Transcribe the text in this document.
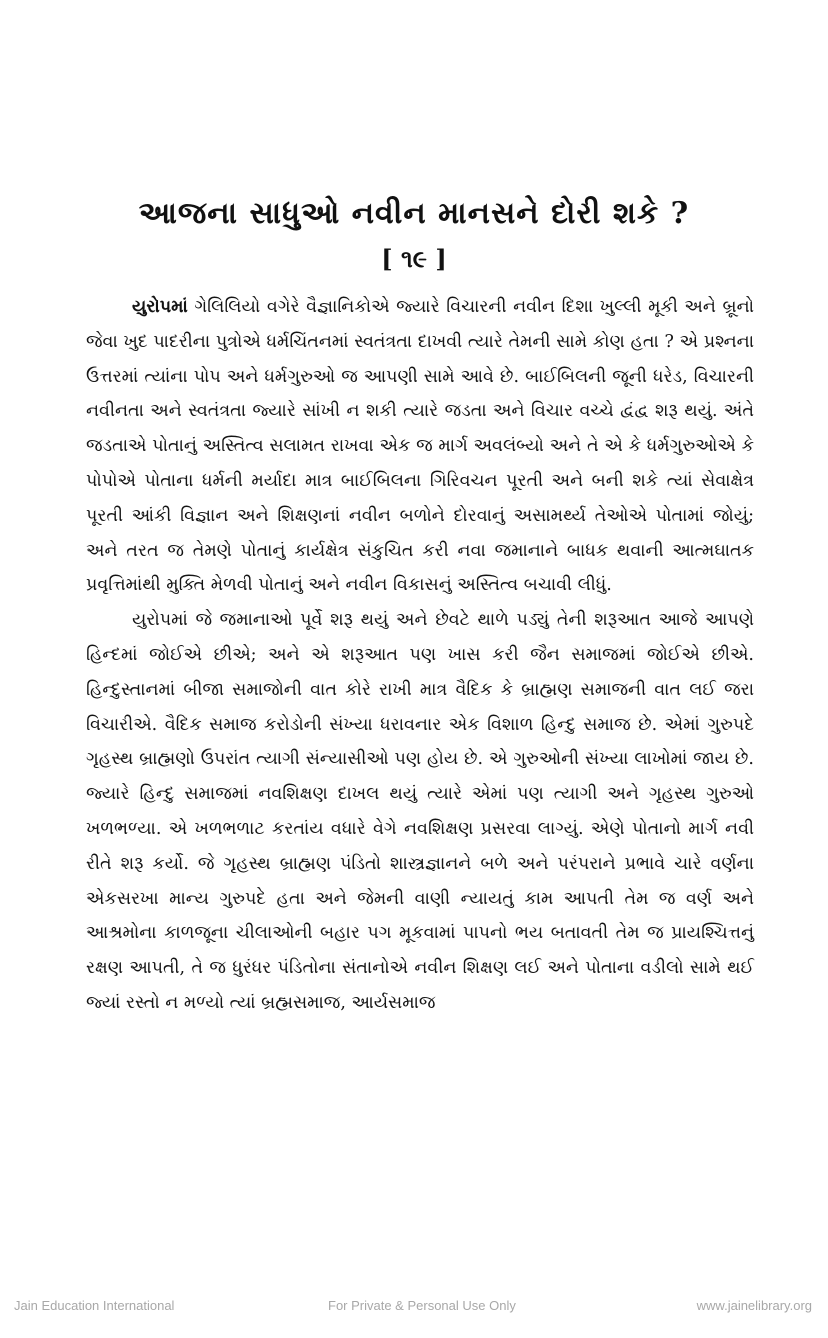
આજના સાધુઓ નવીન માનસને દોરી શકે ?
[ ૧૯ ]

યુરોપમાં ગેલિલિયો વગેરે વૈજ્ઞાનિકોએ જ્યારે વિચારની નવીન દિશા ખુલ્લી મૂકી અને બ્રૂનો જેવા ખુદ પાદરીના પુત્રોએ ધર્મચિંતનમાં સ્વતંત્રતા દાખવી ત્યારે તેમની સામે કોણ હતા ? એ પ્રશ્નના ઉત્તરમાં ત્યાંના પોપ અને ધર્મગુરુઓ જ આપણી સામે આવે છે. બાઈબિલની જૂની ધરેડ, વિચારની નવીનતા અને સ્વતંત્રતા જ્યારે સાંખી ન શકી ત્યારે જડતા અને વિચાર વચ્ચે દ્વંદ્વ શરૂ થયું. અંતે જડતાએ પોતાનું અસ્તિત્વ સલામત રાખવા એક જ માર્ગ અવલંબ્યો અને તે એ કે ધર્મગુરુઓએ કે પોપોએ પોતાના ધર્મની મર્યાદા માત્ર બાઈબિલના ગિરિવચન પૂરતી અને બની શકે ત્યાં સેવાક્ષેત્ર પૂરતી આંકી વિજ્ઞાન અને શિક્ષણનાં નવીન બળોને દોરવાનું અસામર્થ્ય તેઓએ પોતામાં જોયું; અને તરત જ તેમણે પોતાનું કાર્યક્ષેત્ર સંકુચિત કરી નવા જમાનાને બાધક થવાની આત્મઘાતક પ્રવૃત્તિમાંથી મુક્તિ મેળવી પોતાનું અને નવીન વિકાસનું અસ્તિત્વ બચાવી લીધું.

યુરોપમાં જે જમાનાઓ પૂર્વે શરૂ થયું અને છેવટે થાળે પડ્યું તેની શરૂઆત આજે આપણે હિન્દમાં જોઈએ છીએ; અને એ શરૂઆત પણ ખાસ કરી જૈન સમાજમાં જોઈએ છીએ. હિન્દુસ્તાનમાં બીજા સમાજોની વાત કોરે રાખી માત્ર વૈદિક કે બ્રાહ્મણ સમાજની વાત લઈ જરા વિચારીએ. વૈદિક સમાજ કરોડોની સંખ્યા ધરાવનાર એક વિશાળ હિન્દુ સમાજ છે. એમાં ગુરુપદે ગૃહસ્થ બ્રાહ્મણો ઉપરાંત ત્યાગી સંન્યાસીઓ પણ હોય છે. એ ગુરુઓની સંખ્યા લાખોમાં જાય છે. જ્યારે હિન્દુ સમાજમાં નવશિક્ષણ દાખલ થયું ત્યારે એમાં પણ ત્યાગી અને ગૃહસ્થ ગુરુઓ ખળભળ્યા. એ ખળભળાટ કરતાંય વધારે વેગે નવશિક્ષણ પ્રસરવા લાગ્યું. એણે પોતાનો માર્ગ નવી રીતે શરૂ કર્યો. જે ગૃહસ્થ બ્રાહ્મણ પંડિતો શાસ્ત્રજ્ઞાનને બળે અને પરંપરાને પ્રભાવે ચારે વર્ણના એકસરખા માન્ય ગુરુપદે હતા અને જેમની વાણી ન્યાયતું કામ આપતી તેમ જ વર્ણ અને આશ્રમોના કાળજૂના ચીલાઓની બહાર પગ મૂકવામાં પાપનો ભય બતાવતી તેમ જ પ્રાયશ્ચિત્તનું રક્ષણ આપતી, તે જ ધુરંધર પંડિતોના સંતાનોએ નવીન શિક્ષણ લઈ અને પોતાના વડીલો સામે થઈ જ્યાં રસ્તો ન મળ્યો ત્યાં બ્રહ્મસમાજ, આર્યસમાજ

Jain Education International	For Private & Personal Use Only	www.jainelibrary.org
